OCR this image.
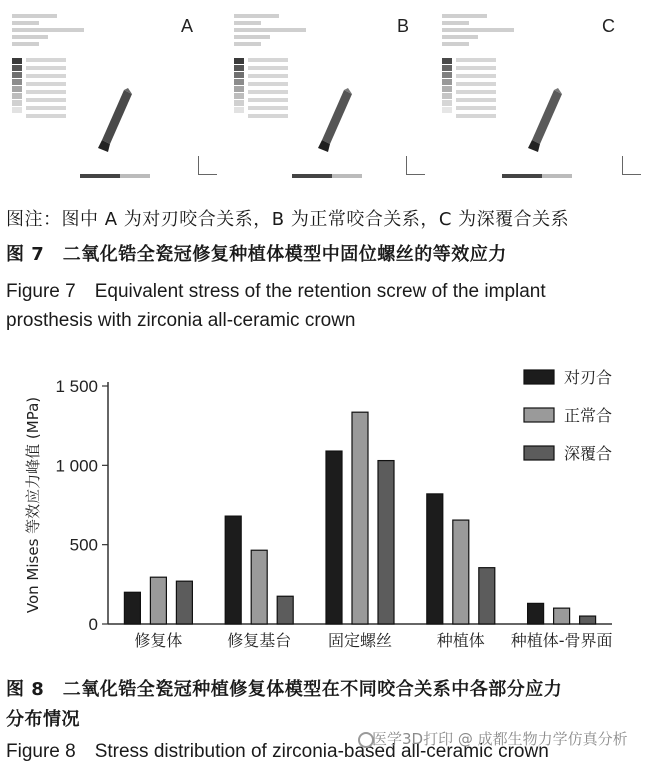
A	B	C
图注：图中 A 为对刃咬合关系，B 为正常咬合关系，C 为深覆合关系
图 7　二氧化锆全瓷冠修复种植体模型中固位螺丝的等效应力
Figure 7　Equivalent stress of the retention screw of the implant
prosthesis with zirconia all-ceramic crown
0
500
1 000
1 500
Von Mises 等效应力峰值 (MPa)
修复体	修复基台 固定螺丝	种植体 种植体-骨界面
对刃合
正常合
深覆合
图 8　二氧化锆全瓷冠种植修复体模型在不同咬合关系中各部分应力
分布情况
Figure 8　Stress distribution of zirconia-based all-ceramic crown
医学3D打印 @ 成都生物力学仿真分析
